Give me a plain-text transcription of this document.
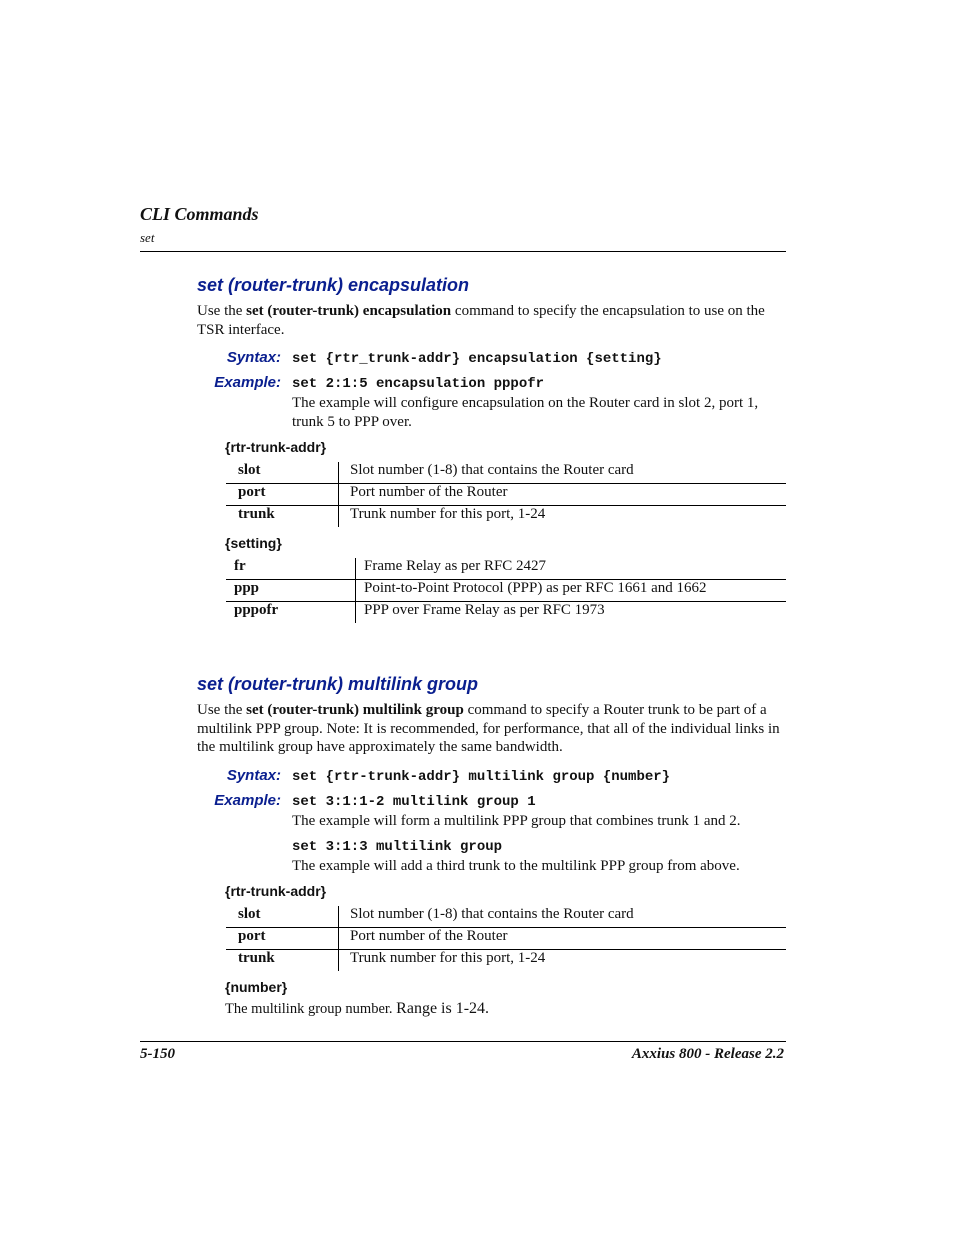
CLI Commands
set
set (router-trunk) encapsulation
Use the set (router-trunk) encapsulation command to specify the encapsulation to use on the TSR interface.
Syntax: set {rtr_trunk-addr} encapsulation {setting}
Example: set 2:1:5 encapsulation pppofr
The example will configure encapsulation on the Router card in slot 2, port 1, trunk 5 to PPP over.
{rtr-trunk-addr}
slot	Slot number (1-8) that contains the Router card
port	Port number of the Router
trunk	Trunk number for this port, 1-24
{setting}
fr	Frame Relay as per RFC 2427
ppp	Point-to-Point Protocol (PPP) as per RFC 1661 and 1662
pppofr	PPP over Frame Relay as per RFC 1973
set (router-trunk) multilink group
Use the set (router-trunk) multilink group command to specify a Router trunk to be part of a multilink PPP group. Note: It is recommended, for performance, that all of the individual links in the multilink group have approximately the same bandwidth.
Syntax: set {rtr-trunk-addr} multilink group {number}
Example: set 3:1:1-2 multilink group 1
The example will form a multilink PPP group that combines trunk 1 and 2.
set 3:1:3 multilink group
The example will add a third trunk to the multilink PPP group from above.
{rtr-trunk-addr}
slot	Slot number (1-8) that contains the Router card
port	Port number of the Router
trunk	Trunk number for this port, 1-24
{number}
The multilink group number. Range is 1-24.
5-150	Axxius 800 - Release 2.2
